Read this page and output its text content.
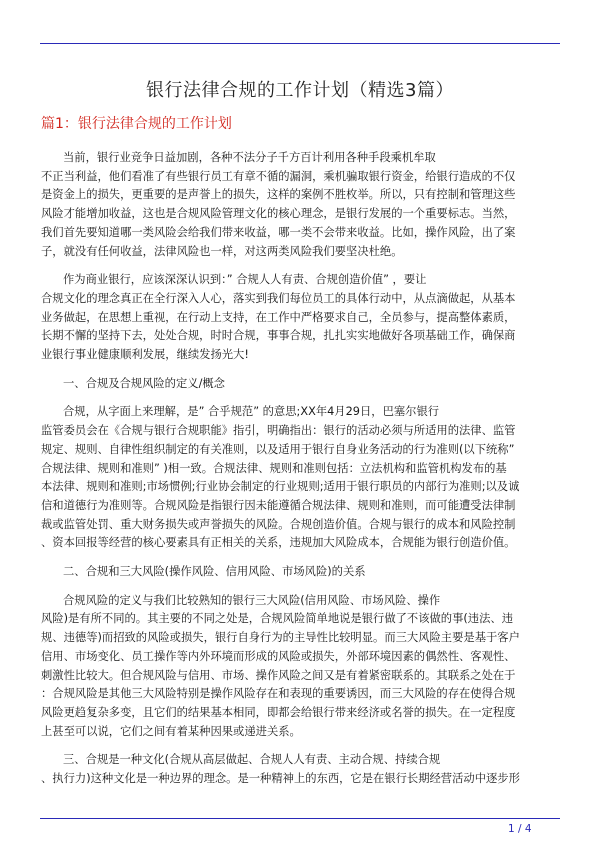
银行法律合规的工作计划（精选3篇）
篇1：银行法律合规的工作计划

当前，银行业竞争日益加剧，各种不法分子千方百计利用各种手段乘机牟取
不正当利益，他们看准了有些银行员工有章不循的漏洞，乘机骗取银行资金，给银行造成的不仅
是资金上的损失，更重要的是声誉上的损失，这样的案例不胜枚举。所以，只有控制和管理这些
风险才能增加收益，这也是合规风险管理文化的核心理念，是银行发展的一个重要标志。当然，
我们首先要知道哪一类风险会给我们带来收益，哪一类不会带来收益。比如，操作风险，出了案
子，就没有任何收益，法律风险也一样，对这两类风险我们要坚决杜绝。

作为商业银行，应该深深认识到：” 合规人人有责、合规创造价值” ，要让
合规文化的理念真正在全行深入人心，落实到我们每位员工的具体行动中，从点滴做起，从基本
业务做起，在思想上重视，在行动上支持，在工作中严格要求自己，全员参与，提高整体素质，
长期不懈的坚持下去，处处合规，时时合规，事事合规，扎扎实实地做好各项基础工作，确保商
业银行事业健康顺利发展，继续发扬光大!

一、合规及合规风险的定义/概念

合规，从字面上来理解，是” 合乎规范” 的意思;XX年4月29日，巴塞尔银行
监管委员会在《合规与银行合规职能》指引，明确指出：银行的活动必须与所适用的法律、监管
规定、规则、自律性组织制定的有关准则，以及适用于银行自身业务活动的行为准则(以下统称”
合规法律、规则和准则” )相一致。合规法律、规则和准则包括：立法机构和监管机构发布的基
本法律、规则和准则;市场惯例;行业协会制定的行业规则;适用于银行职员的内部行为准则;以及诚
信和道德行为准则等。合规风险是指银行因未能遵循合规法律、规则和准则，而可能遭受法律制
裁或监管处罚、重大财务损失或声誉损失的风险。合规创造价值。合规与银行的成本和风险控制
、资本回报等经营的核心要素具有正相关的关系，违规加大风险成本，合规能为银行创造价值。

二、合规和三大风险(操作风险、信用风险、市场风险)的关系

合规风险的定义与我们比较熟知的银行三大风险(信用风险、市场风险、操作
风险)是有所不同的。其主要的不同之处是，合规风险简单地说是银行做了不该做的事(违法、违
规、违德等)而招致的风险或损失，银行自身行为的主导性比较明显。而三大风险主要是基于客户
信用、市场变化、员工操作等内外环境而形成的风险或损失，外部环境因素的偶然性、客观性、
刺激性比较大。但合规风险与信用、市场、操作风险之间又是有着紧密联系的。其联系之处在于
：合规风险是其他三大风险特别是操作风险存在和表现的重要诱因，而三大风险的存在使得合规
风险更趋复杂多变，且它们的结果基本相同，即都会给银行带来经济或名誉的损失。在一定程度
上甚至可以说，它们之间有着某种因果或递进关系。

三、合规是一种文化(合规从高层做起、合规人人有责、主动合规、持续合规
、执行力)这种文化是一种边界的理念。是一种精神上的东西，它是在银行长期经营活动中逐步形

1 / 4
